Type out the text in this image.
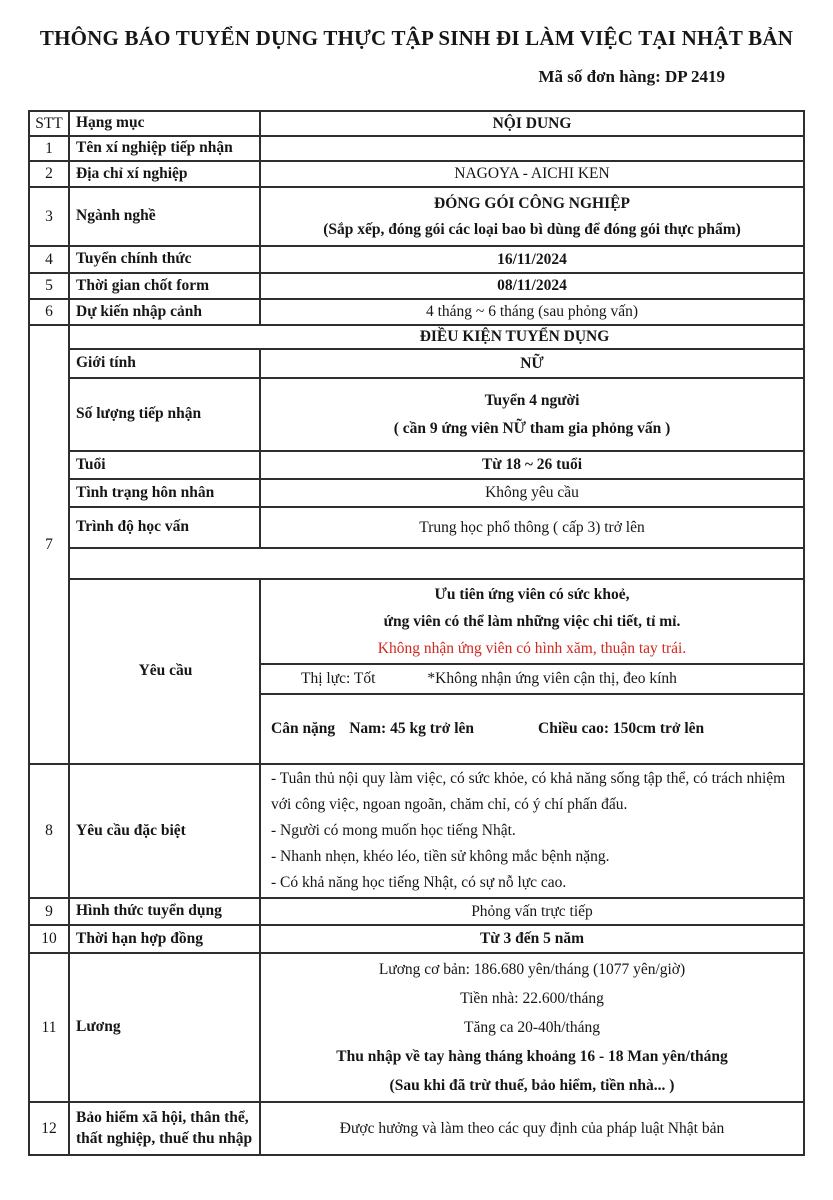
THÔNG BÁO TUYỂN DỤNG THỰC TẬP SINH ĐI LÀM VIỆC TẠI NHẬT BẢN
Mã số đơn hàng: DP 2419
STT	Hạng mục	NỘI DUNG
1	Tên xí nghiệp tiếp nhận	
2	Địa chỉ xí nghiệp	NAGOYA - AICHI KEN
3	Ngành nghề	ĐÓNG GÓI CÔNG NGHIỆP
(Sắp xếp, đóng gói các loại bao bì dùng để đóng gói thực phẩm)

4	Tuyển chính thức	16/11/2024
5	Thời gian chốt form	08/11/2024
6	Dự kiến nhập cảnh	4 tháng ~ 6 tháng (sau phỏng vấn)
7	ĐIỀU KIỆN TUYỂN DỤNG	
	Giới tính	NỮ
	Số lượng tiếp nhận	Tuyển 4 người
( cần 9 ứng viên NỮ tham gia phỏng vấn )

	Tuổi	Từ 18 ~ 26 tuổi
	Tình trạng hôn nhân	Không yêu cầu
	Trình độ học vấn	Trung học phổ thông ( cấp 3) trở lên

	Yêu cầu	Ưu tiên ứng viên có sức khoẻ,
ứng viên có thể làm những việc chi tiết, tỉ mỉ.
Không nhận ứng viên có hình xăm, thuận tay trái.

		Thị lực: Tốt *Không nhận ứng viên cận thị, đeo kính

		Cân nặng Nam: 45 kg trở lên Chiều cao: 150cm trở lên

8	Yêu cầu đặc biệt	- Tuân thủ nội quy làm việc, có sức khỏe, có khả năng sống tập thể, có trách nhiệm với công việc, ngoan ngoãn, chăm chỉ, có ý chí phấn đấu.
- Người có mong muốn học tiếng Nhật.
- Nhanh nhẹn, khéo léo, tiền sử không mắc bệnh nặng.
- Có khả năng học tiếng Nhật, có sự nỗ lực cao.

9	Hình thức tuyển dụng	Phỏng vấn trực tiếp
10	Thời hạn hợp đồng	Từ 3 đến 5 năm
11	Lương	Lương cơ bản: 186.680 yên/tháng (1077 yên/giờ)
Tiền nhà: 22.600/tháng
Tăng ca 20-40h/tháng
Thu nhập về tay hàng tháng khoảng 16 - 18 Man yên/tháng
(Sau khi đã trừ thuế, bảo hiểm, tiền nhà... )

12	Bảo hiểm xã hội, thân thể, thất nghiệp, thuế thu nhập	Được hưởng và làm theo các quy định của pháp luật Nhật bản
